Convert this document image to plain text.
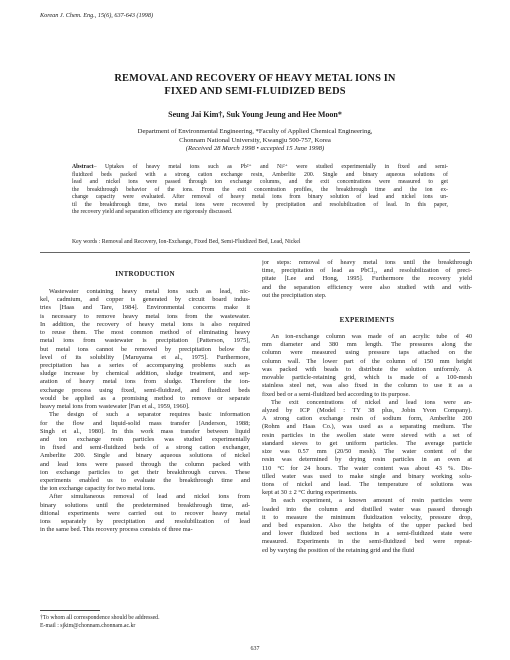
Korean J. Chem. Eng., 15(6), 637-643 (1998)
REMOVAL AND RECOVERY OF HEAVY METAL IONS IN
FIXED AND SEMI-FLUIDIZED BEDS
Seung Jai Kim†, Suk Young Jeung and Hee Moon*
Department of Environmental Engineering, *Faculty of Applied Chemical Engineering,
Chonnam National University, Kwangju 500-757, Korea
(Received 28 March 1998 • accepted 15 June 1998)
Abstract– Uptakes of heavy metal ions such as Pb²⁺ and Ni²⁺ were studied experimentally in fixed and semi-
fluidized beds packed with a strong cation exchange resin, Amberlite 200. Single and binary aqueous solutions of
lead and nickel ions were passed through ion exchange columns, and the exit concentrations were measured to get
the breakthrough behavior of the ions. From the exit concentration profiles, the breakthrough time and the ion ex-
change capacity were evaluated. After removal of heavy metal ions from binary solution of lead and nickel ions un-
til the breakthrough time, two metal ions were recovered by precipitation and resolubilization of lead. In this paper,
the recovery yield and separation efficiency are rigorously discussed.
Key words : Removal and Recovery, Ion-Exchange, Fixed Bed, Semi-Fluidized Bed, Lead, Nickel
INTRODUCTION
Wastewater containing heavy metal ions such as lead, nic-
kel, cadmium, and copper is generated by circuit board indus-
tries [Haas and Tare, 1984]. Environmental concerns make it
is necessary to remove heavy metal ions from the wastewater.
In addition, the recovery of heavy metal ions is also required
to reuse them. The most common method of eliminating heavy
metal ions from wastewater is precipitation [Patterson, 1975],
but metal ions cannot be removed by precipitation below the
level of its solubility [Maruyama et al., 1975]. Furthermore,
precipitation has a series of accompanying problems such as
sludge increase by chemical addition, sludge treatment, and sep-
aration of heavy metal ions from sludge. Therefore the ion-
exchange process using fixed, semi-fluidized, and fluidized beds
would be applied as a promising method to remove or separate
heavy metal ions from wastewater [Fan et al., 1959, 1960].
The design of such a separator requires basic information
for the flow and liquid-solid mass transfer [Anderson, 1988;
Singh et al., 1980]. In this work mass transfer between liquid
and ion exchange resin particles was studied experimentally
in fixed and semi-fluidized beds of a strong cation exchanger,
Amberlite 200. Single and binary aqueous solutions of nickel
and lead ions were passed through the column packed with
ion exchange particles to get their breakthrough curves. These
experiments enabled us to evaluate the breakthrough time and
the ion exchange capacity for two metal ions.
After simultaneous removal of lead and nickel ions from
binary solutions until the predetermined breakthrough time, ad-
ditional experiments were carried out to recover heavy metal
ions separately by precipitation and resolubilization of lead
in the same bed. This recovery process consists of three ma-
jor steps: removal of heavy metal ions until the breakthrough
time, precipitation of lead as PbCl₂, and resolubilization of preci-
pitate [Lee and Hong, 1995]. Furthermore the recovery yield
and the separation efficiency were also studied with and with-
out the precipitation step.
EXPERIMENTS
An ion-exchange column was made of an acrylic tube of 40
mm diameter and 380 mm length. The pressures along the
column were measured using pressure taps attached on the
column wall. The lower part of the column of 150 mm height
was packed with beads to distribute the solution uniformly. A
movable particle-retaining grid, which is made of a 100-mesh
stainless steel net, was also fixed in the column to use it as a
fixed bed or a semi-fluidized bed according to its purpose.
The exit concentrations of nickel and lead ions were an-
alyzed by ICP (Model : TY 38 plus, Jobin Yvon Company).
A strong cation exchange resin of sodium form, Amberlite 200
(Rohm and Haas Co.), was used as a separating medium. The
resin particles in the swollen state were sieved with a set of
standard sieves to get uniform particles. The average particle
size was 0.57 mm (20/50 mesh). The water content of the
resin was determined by drying resin particles in an oven at
110 °C for 24 hours. The water content was about 43 %. Dis-
tilled water was used to make single and binary working solu-
tions of nickel and lead. The temperature of solutions was
kept at 30 ± 2 °C during experiments.
In each experiment, a known amount of resin particles were
loaded into the column and distilled water was passed through
it to measure the minimum fluidization velocity, pressure drop,
and bed expansion. Also the heights of the upper packed bed
and lower fluidized bed sections in a semi-fluidized state were
measured. Experiments in the semi-fluidized bed were repeat-
ed by varying the position of the retaining grid and the fluid
†To whom all correspondence should be addressed.
E-mail : sjkim@chonnam.chonnam.ac.kr
637
